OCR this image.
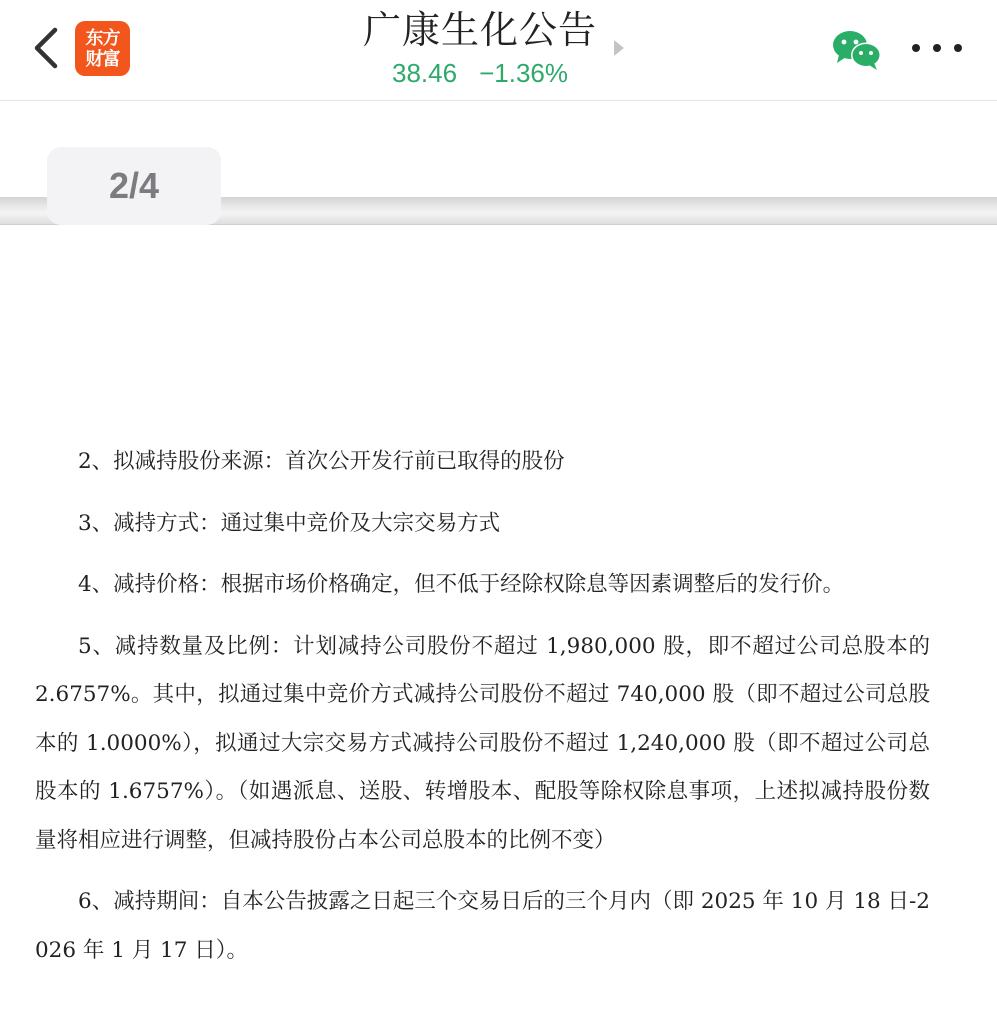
东方
财富
广康生化公告
38.46 −1.36%
2/4

2、拟减持股份来源：首次公开发行前已取得的股份

3、减持方式：通过集中竞价及大宗交易方式

4、减持价格：根据市场价格确定，但不低于经除权除息等因素调整后的发行价。

5、减持数量及比例：计划减持公司股份不超过 1,980,000 股，即不超过公司总股本的 2.6757%。其中，拟通过集中竞价方式减持公司股份不超过 740,000 股（即不超过公司总股本的 1.0000%），拟通过大宗交易方式减持公司股份不超过 1,240,000 股（即不超过公司总股本的 1.6757%）。（如遇派息、送股、转增股本、配股等除权除息事项，上述拟减持股份数量将相应进行调整，但减持股份占本公司总股本的比例不变）

6、减持期间：自本公告披露之日起三个交易日后的三个月内（即 2025 年 10 月 18 日-2026 年 1 月 17 日）。
